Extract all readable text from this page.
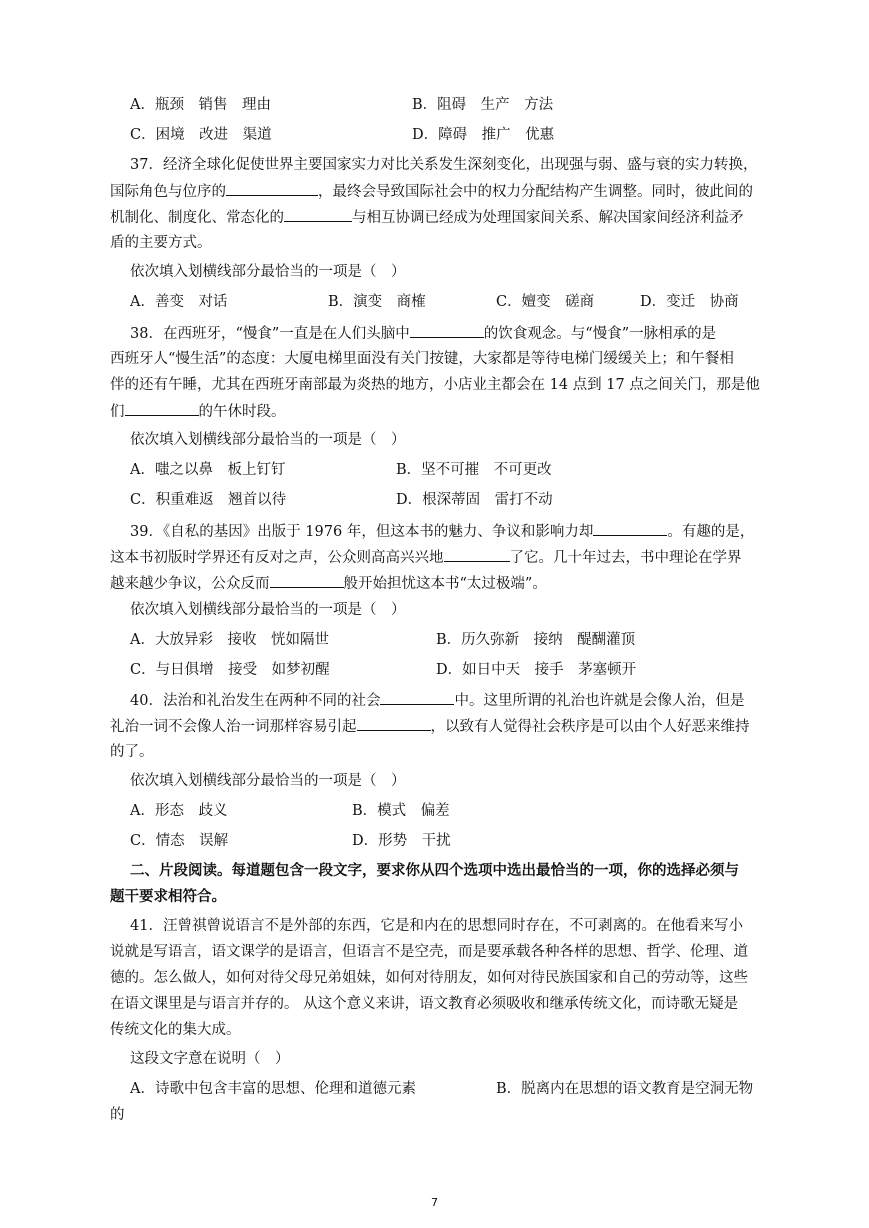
A．瓶颈　销售　理由	B．阻碍　生产　方法
C．困境　改进　渠道	D．障碍　推广　优惠
37．经济全球化促使世界主要国家实力对比关系发生深刻变化，出现强与弱、盛与衰的实力转换，
国际角色与位序的	，最终会导致国际社会中的权力分配结构产生调整。同时，彼此间的
机制化、制度化、常态化的	与相互协调已经成为处理国家间关系、解决国家间经济利益矛
盾的主要方式。
依次填入划横线部分最恰当的一项是（　）
A．善变　对话	B．演变　商榷	C．嬗变　磋商	D．变迁　协商
38．在西班牙，“慢食”一直是在人们头脑中	的饮食观念。与“慢食”一脉相承的是
西班牙人“慢生活”的态度：大厦电梯里面没有关门按键，大家都是等待电梯门缓缓关上；和午餐相
伴的还有午睡，尤其在西班牙南部最为炎热的地方，小店业主都会在 14 点到 17 点之间关门，那是他
们	的午休时段。
依次填入划横线部分最恰当的一项是（　）
A．嗤之以鼻　板上钉钉	B．坚不可摧　不可更改
C．积重难返　翘首以待	D．根深蒂固　雷打不动
39．《自私的基因》出版于 1976 年，但这本书的魅力、争议和影响力却	。有趣的是，
这本书初版时学界还有反对之声，公众则高高兴兴地	了它。几十年过去，书中理论在学界
越来越少争议，公众反而	般开始担忧这本书“太过极端”。
依次填入划横线部分最恰当的一项是（　）
A．大放异彩　接收　恍如隔世	B．历久弥新　接纳　醍醐灌顶
C．与日俱增　接受　如梦初醒	D．如日中天　接手　茅塞顿开
40．法治和礼治发生在两种不同的社会	中。这里所谓的礼治也许就是会像人治，但是
礼治一词不会像人治一词那样容易引起	，以致有人觉得社会秩序是可以由个人好恶来维持
的了。
依次填入划横线部分最恰当的一项是（　）
A．形态　歧义	B．模式　偏差
C．情态　误解	D．形势　干扰
二、片段阅读。每道题包含一段文字，要求你从四个选项中选出最恰当的一项，你的选择必须与
题干要求相符合。
41．汪曾祺曾说语言不是外部的东西，它是和内在的思想同时存在，不可剥离的。在他看来写小
说就是写语言，语文课学的是语言，但语言不是空壳，而是要承载各种各样的思想、哲学、伦理、道
德的。怎么做人，如何对待父母兄弟姐妹，如何对待朋友，如何对待民族国家和自己的劳动等，这些
在语文课里是与语言并存的。 从这个意义来讲，语文教育必须吸收和继承传统文化，而诗歌无疑是
传统文化的集大成。
这段文字意在说明（　）
A．诗歌中包含丰富的思想、伦理和道德元素	B．脱离内在思想的语文教育是空洞无物
的
7
